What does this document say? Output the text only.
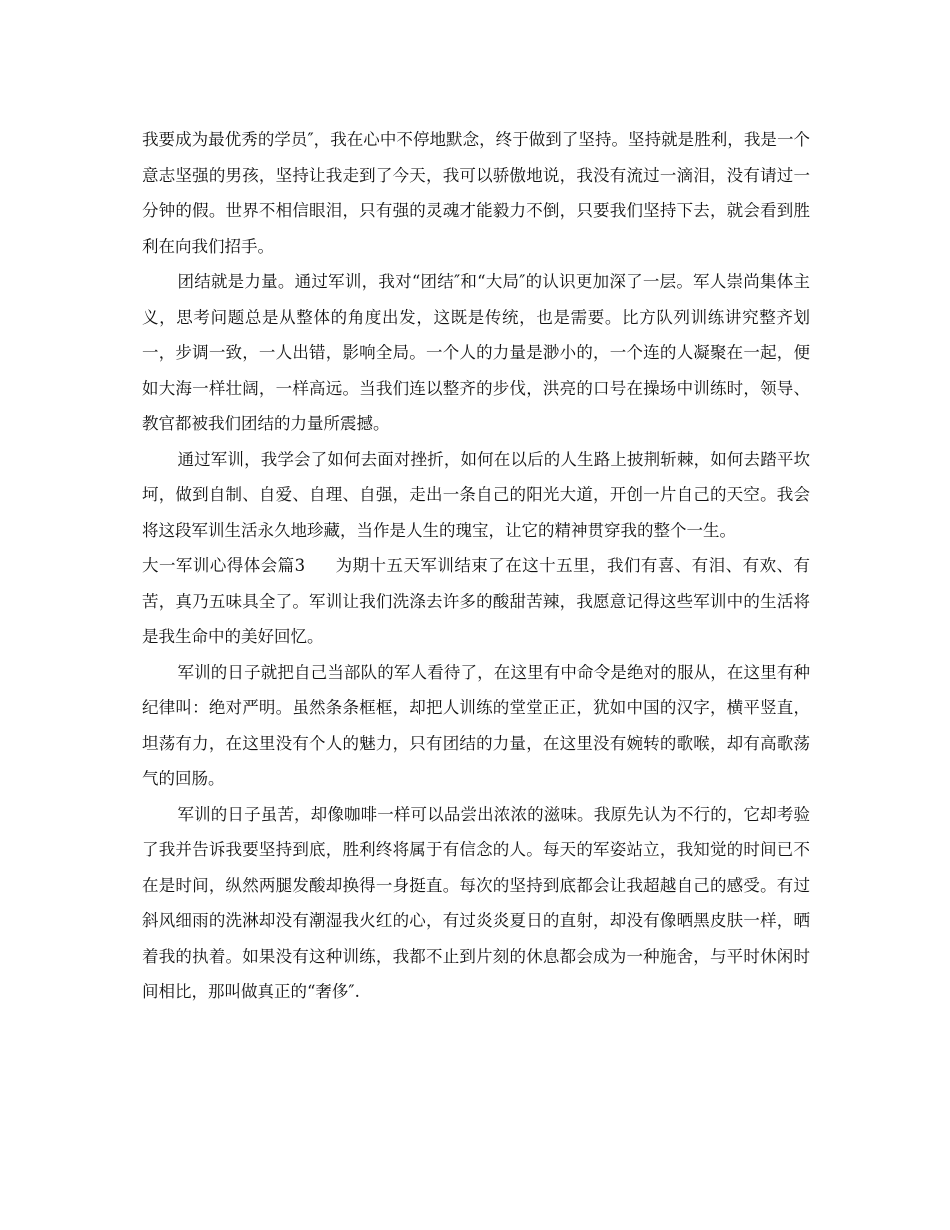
我要成为最优秀的学员″，我在心中不停地默念，终于做到了坚持。坚持就是胜利，我是一个意志坚强的男孩，坚持让我走到了今天，我可以骄傲地说，我没有流过一滴泪，没有请过一分钟的假。世界不相信眼泪，只有强的灵魂才能毅力不倒，只要我们坚持下去，就会看到胜利在向我们招手。

团结就是力量。通过军训，我对“团结″和“大局″的认识更加深了一层。军人崇尚集体主义，思考问题总是从整体的角度出发，这既是传统，也是需要。比方队列训练讲究整齐划一，步调一致，一人出错，影响全局。一个人的力量是渺小的，一个连的人凝聚在一起，便如大海一样壮阔，一样高远。当我们连以整齐的步伐，洪亮的口号在操场中训练时，领导、教官都被我们团结的力量所震撼。

通过军训，我学会了如何去面对挫折，如何在以后的人生路上披荆斩棘，如何去踏平坎坷，做到自制、自爱、自理、自强，走出一条自己的阳光大道，开创一片自己的天空。我会将这段军训生活永久地珍藏，当作是人生的瑰宝，让它的精神贯穿我的整个一生。

大一军训心得体会篇3 为期十五天军训结束了在这十五里，我们有喜、有泪、有欢、有苦，真乃五味具全了。军训让我们洗涤去许多的酸甜苦辣，我愿意记得这些军训中的生活将是我生命中的美好回忆。

军训的日子就把自己当部队的军人看待了，在这里有中命令是绝对的服从，在这里有种纪律叫：绝对严明。虽然条条框框，却把人训练的堂堂正正，犹如中国的汉字，横平竖直，坦荡有力，在这里没有个人的魅力，只有团结的力量，在这里没有婉转的歌喉，却有高歌荡气的回肠。

军训的日子虽苦，却像咖啡一样可以品尝出浓浓的滋味。我原先认为不行的，它却考验了我并告诉我要坚持到底，胜利终将属于有信念的人。每天的军姿站立，我知觉的时间已不在是时间，纵然两腿发酸却换得一身挺直。每次的坚持到底都会让我超越自己的感受。有过斜风细雨的洗淋却没有潮湿我火红的心，有过炎炎夏日的直射，却没有像晒黑皮肤一样，晒着我的执着。如果没有这种训练，我都不止到片刻的休息都会成为一种施舍，与平时休闲时间相比，那叫做真正的“奢侈″.
